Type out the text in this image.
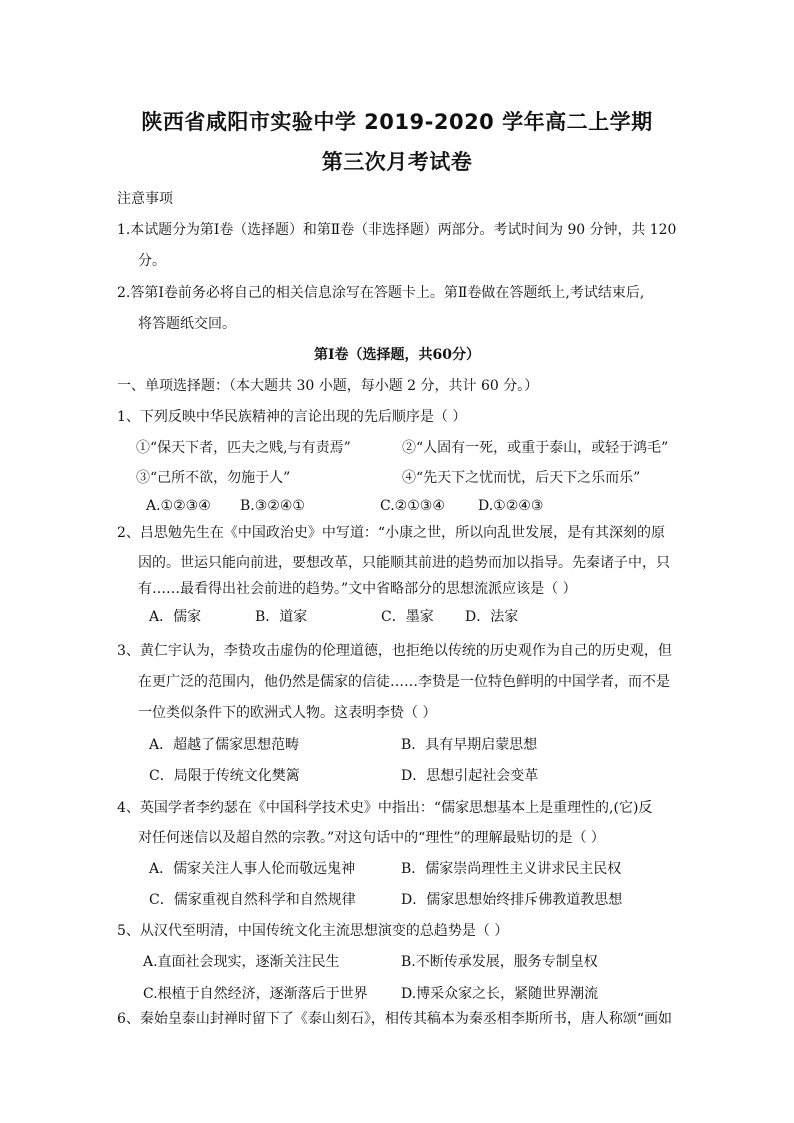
陕西省咸阳市实验中学 2019-2020 学年高二上学期
第三次月考试卷
注意事项
1.本试题分为第Ⅰ卷（选择题）和第Ⅱ卷（非选择题）两部分。考试时间为 90 分钟，共 120
分。
2.答第Ⅰ卷前务必将自己的相关信息涂写在答题卡上。第Ⅱ卷做在答题纸上,考试结束后,
将答题纸交回。
第Ⅰ卷（选择题，共60分）
一、单项选择题：（本大题共 30 小题，每小题 2 分，共计 60 分。）
1、下列反映中华民族精神的言论出现的先后顺序是（ ）
①“保天下者，匹夫之贱,与有责焉”	②“人固有一死，或重于泰山，或轻于鸿毛”
③“己所不欲，勿施于人”	④“先天下之忧而忧，后天下之乐而乐”
A.①②③④ B.③②④①	C.②①③④ D.①②④③
2、吕思勉先生在《中国政治史》中写道：“小康之世，所以向乱世发展，是有其深刻的原
因的。世运只能向前进，要想改革，只能顺其前进的趋势而加以指导。先秦诸子中，只
有……最看得出社会前进的趋势。”文中省略部分的思想流派应该是（ ）
A．儒家	B．道家	C．墨家 D．法家
3、黄仁宇认为，李贽攻击虚伪的伦理道德，也拒绝以传统的历史观作为自己的历史观，但
在更广泛的范围内，他仍然是儒家的信徒……李贽是一位特色鲜明的中国学者，而不是
一位类似条件下的欧洲式人物。这表明李贽（ ）
A．超越了儒家思想范畴	B．具有早期启蒙思想
C．局限于传统文化樊篱	D．思想引起社会变革
4、英国学者李约瑟在《中国科学技术史》中指出：“儒家思想基本上是重理性的,(它)反
对任何迷信以及超自然的宗教。”对这句话中的“理性”的理解最贴切的是（ ）
A．儒家关注人事人伦而敬远鬼神	B．儒家崇尚理性主义讲求民主民权
C．儒家重视自然科学和自然规律	D．儒家思想始终排斥佛教道教思想
5、从汉代至明清，中国传统文化主流思想演变的总趋势是（ ）
A.直面社会现实，逐渐关注民生	B.不断传承发展，服务专制皇权
C.根植于自然经济，逐渐落后于世界 D.博采众家之长，紧随世界潮流
6、秦始皇泰山封禅时留下了《泰山刻石》，相传其稿本为秦丞相李斯所书，唐人称颂“画如
